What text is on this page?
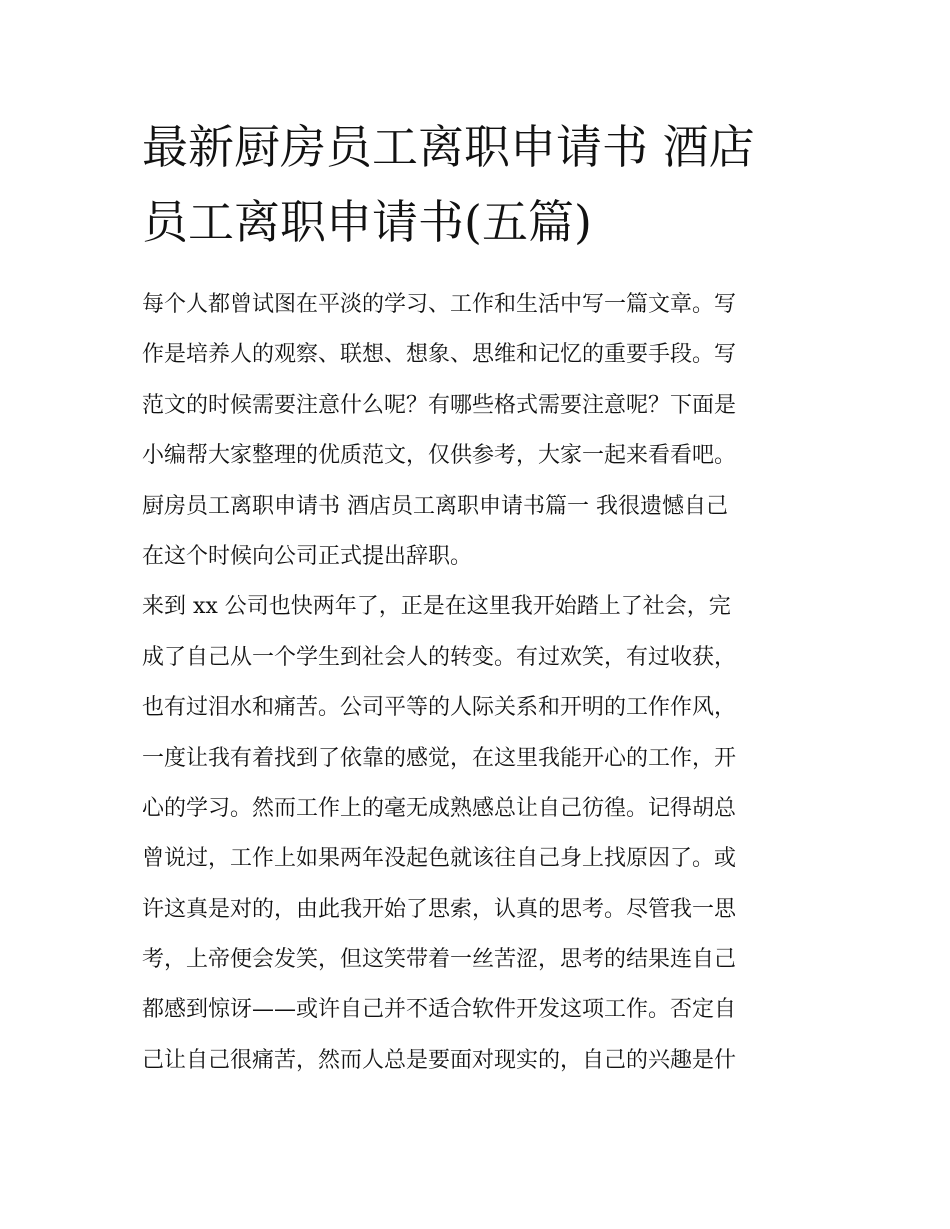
最新厨房员工离职申请书 酒店
员工离职申请书(五篇)
每个人都曾试图在平淡的学习、工作和生活中写一篇文章。写
作是培养人的观察、联想、想象、思维和记忆的重要手段。写
范文的时候需要注意什么呢？有哪些格式需要注意呢？下面是
小编帮大家整理的优质范文，仅供参考，大家一起来看看吧。
厨房员工离职申请书 酒店员工离职申请书篇一 我很遗憾自己
在这个时候向公司正式提出辞职。
来到 xx 公司也快两年了，正是在这里我开始踏上了社会，完
成了自己从一个学生到社会人的转变。有过欢笑，有过收获，
也有过泪水和痛苦。公司平等的人际关系和开明的工作作风，
一度让我有着找到了依靠的感觉，在这里我能开心的工作，开
心的学习。然而工作上的毫无成熟感总让自己彷徨。记得胡总
曾说过，工作上如果两年没起色就该往自己身上找原因了。或
许这真是对的，由此我开始了思索，认真的思考。尽管我一思
考，上帝便会发笑，但这笑带着一丝苦涩，思考的结果连自己
都感到惊讶——或许自己并不适合软件开发这项工作。否定自
己让自己很痛苦，然而人总是要面对现实的，自己的兴趣是什
